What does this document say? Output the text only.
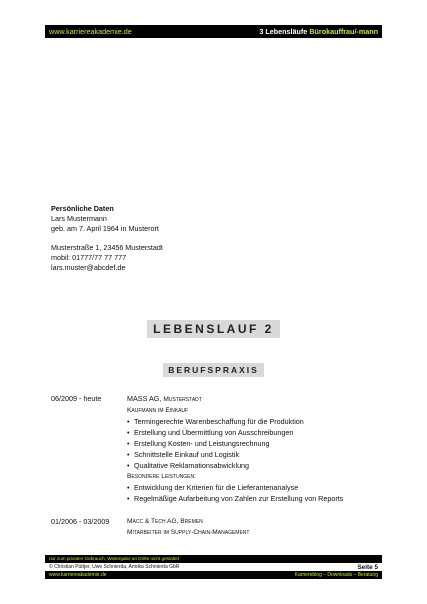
www.karriereakademie.de	3 Lebensläufe Bürokauffrau/-mann
Persönliche Daten
Lars Mustermann
geb. am 7. April 1964 in Musterort
Musterstraße 1, 23456 Musterstadt
mobil: 01777/77 77 777
lars.muster@abcdef.de
LEBENSLAUF 2
BERUFSPRAXIS
06/2009 - heute	MASS AG, Musterstadt
Kaufmann im Einkauf
• Termingerechte Warenbeschaffung für die Produktion
• Erstellung und Übermittlung von Ausschreibungen
• Erstellung Kosten- und Leistungsrechnung
• Schnittstelle Einkauf und Logistik
• Qualitative Reklamationsabwicklung
Besondere Leistungen:
• Entwicklung der Kriterien für die Lieferantenanalyse
• Regelmäßige Aufarbeitung von Zahlen zur Erstellung von Reports
01/2006 - 03/2009	Macc & Tech AG, Bremen
Mitarbeiter im Supply-Chain-Management
nur zum privaten Gebrauch, Weitergabe an Dritte nicht gestattet
© Christian Püttjer, Uwe Schnierda, Annika Schnierda GbR	Seite 5
www.karriereakademie.de	Karriereblog – Downloads – Beratung
